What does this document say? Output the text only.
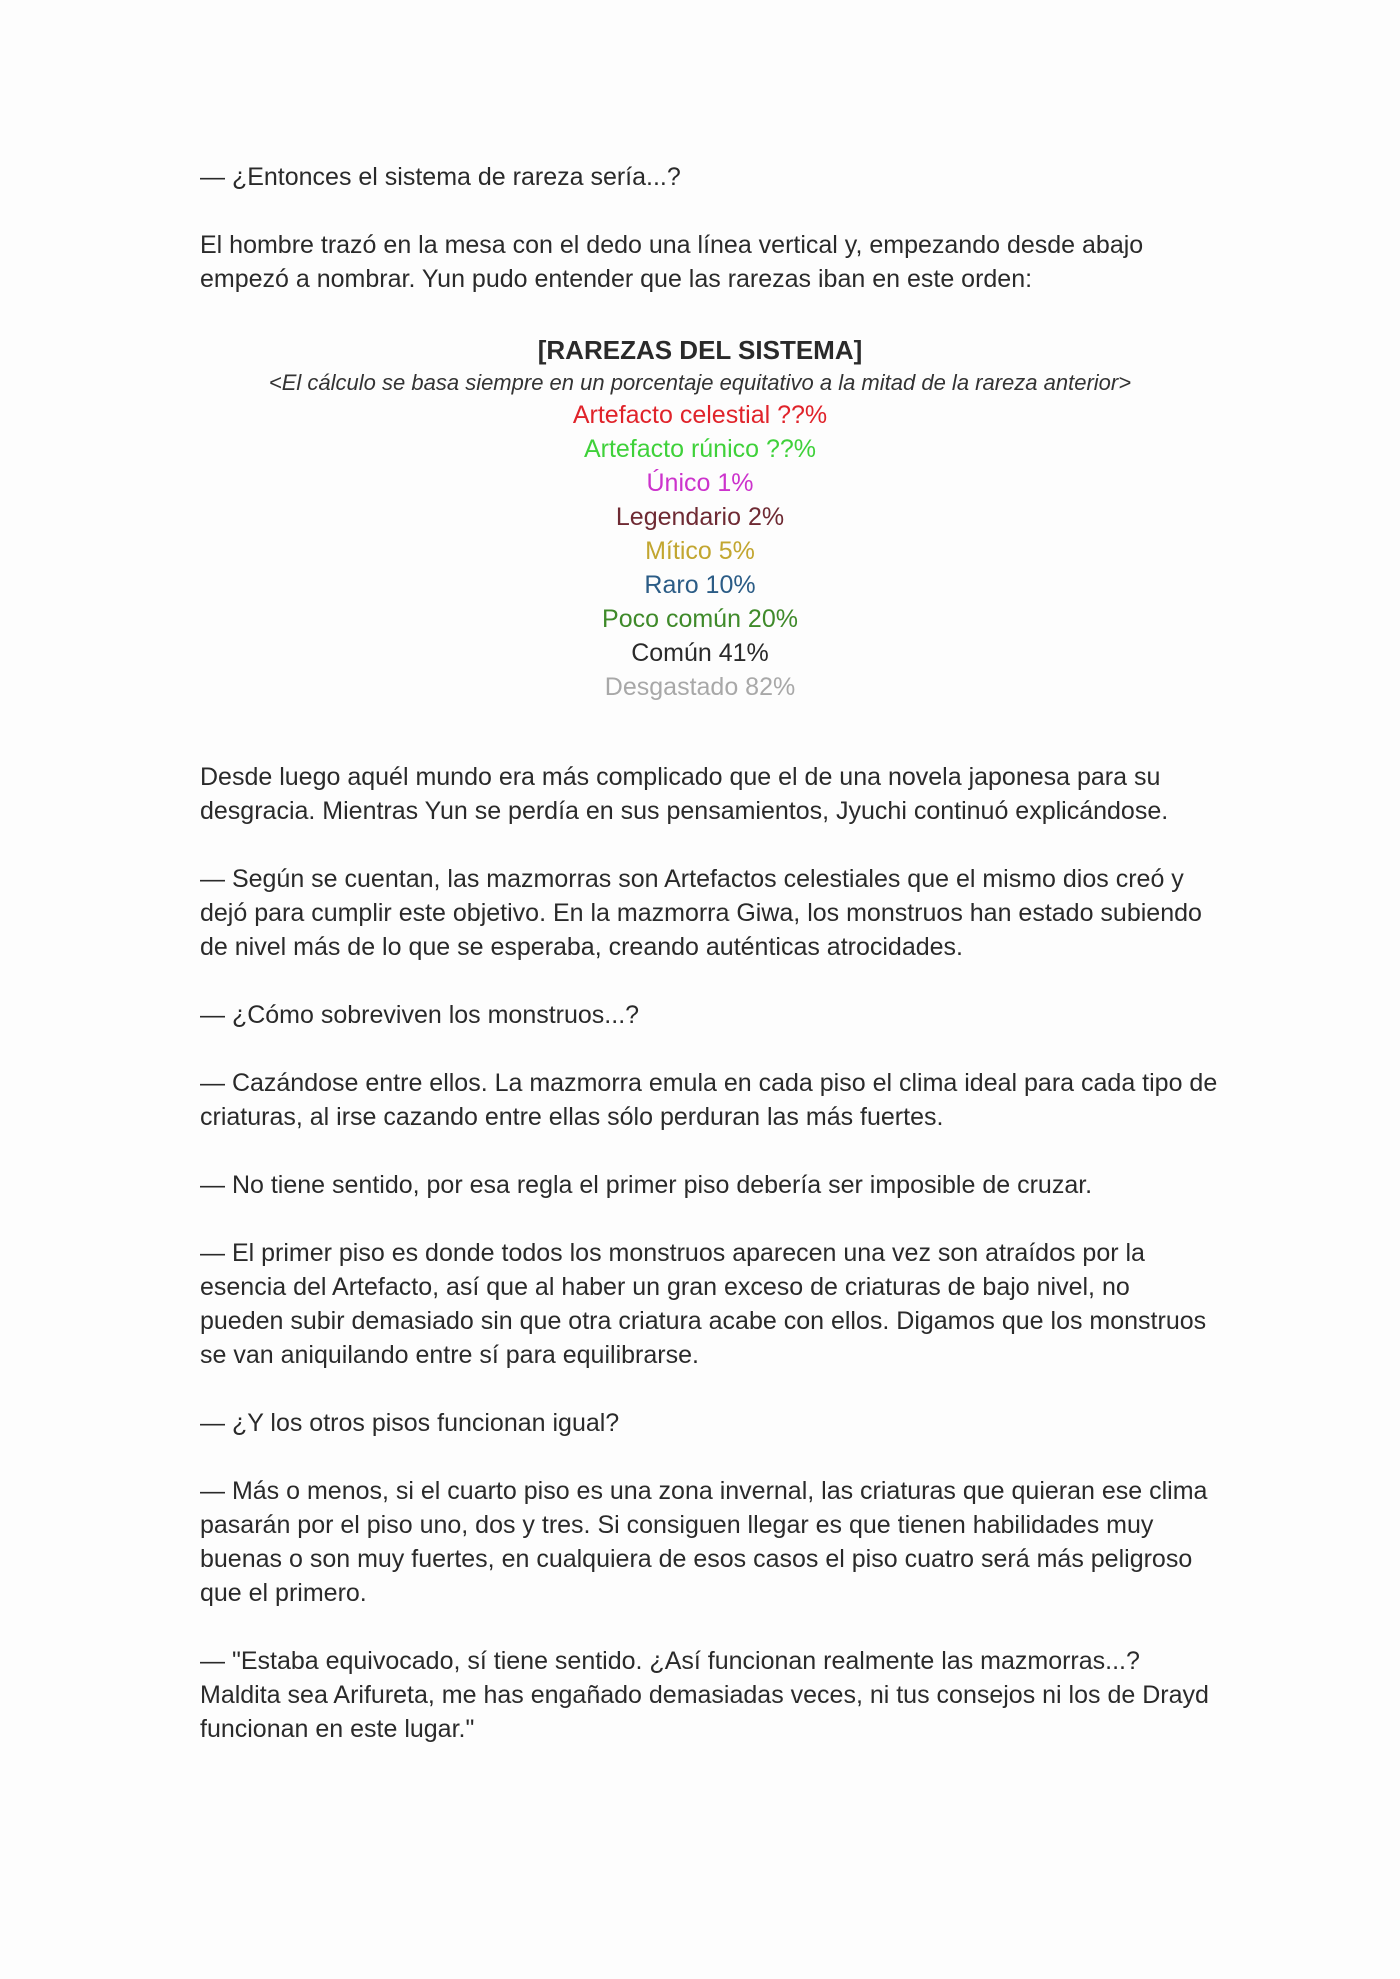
— ¿Entonces el sistema de rareza sería...?

El hombre trazó en la mesa con el dedo una línea vertical y, empezando desde abajo empezó a nombrar. Yun pudo entender que las rarezas iban en este orden:

[RAREZAS DEL SISTEMA]
<El cálculo se basa siempre en un porcentaje equitativo a la mitad de la rareza anterior>
Artefacto celestial ??%
Artefacto rúnico ??%
Único 1%
Legendario 2%
Mítico 5%
Raro 10%
Poco común 20%
Común 41%
Desgastado 82%

Desde luego aquél mundo era más complicado que el de una novela japonesa para su desgracia. Mientras Yun se perdía en sus pensamientos, Jyuchi continuó explicándose.

— Según se cuentan, las mazmorras son Artefactos celestiales que el mismo dios creó y dejó para cumplir este objetivo. En la mazmorra Giwa, los monstruos han estado subiendo de nivel más de lo que se esperaba, creando auténticas atrocidades.

— ¿Cómo sobreviven los monstruos...?

— Cazándose entre ellos. La mazmorra emula en cada piso el clima ideal para cada tipo de criaturas, al irse cazando entre ellas sólo perduran las más fuertes.

— No tiene sentido, por esa regla el primer piso debería ser imposible de cruzar.

— El primer piso es donde todos los monstruos aparecen una vez son atraídos por la esencia del Artefacto, así que al haber un gran exceso de criaturas de bajo nivel, no pueden subir demasiado sin que otra criatura acabe con ellos. Digamos que los monstruos se van aniquilando entre sí para equilibrarse.

— ¿Y los otros pisos funcionan igual?

— Más o menos, si el cuarto piso es una zona invernal, las criaturas que quieran ese clima pasarán por el piso uno, dos y tres. Si consiguen llegar es que tienen habilidades muy buenas o son muy fuertes, en cualquiera de esos casos el piso cuatro será más peligroso que el primero.

— "Estaba equivocado, sí tiene sentido. ¿Así funcionan realmente las mazmorras...? Maldita sea Arifureta, me has engañado demasiadas veces, ni tus consejos ni los de Drayd funcionan en este lugar."
